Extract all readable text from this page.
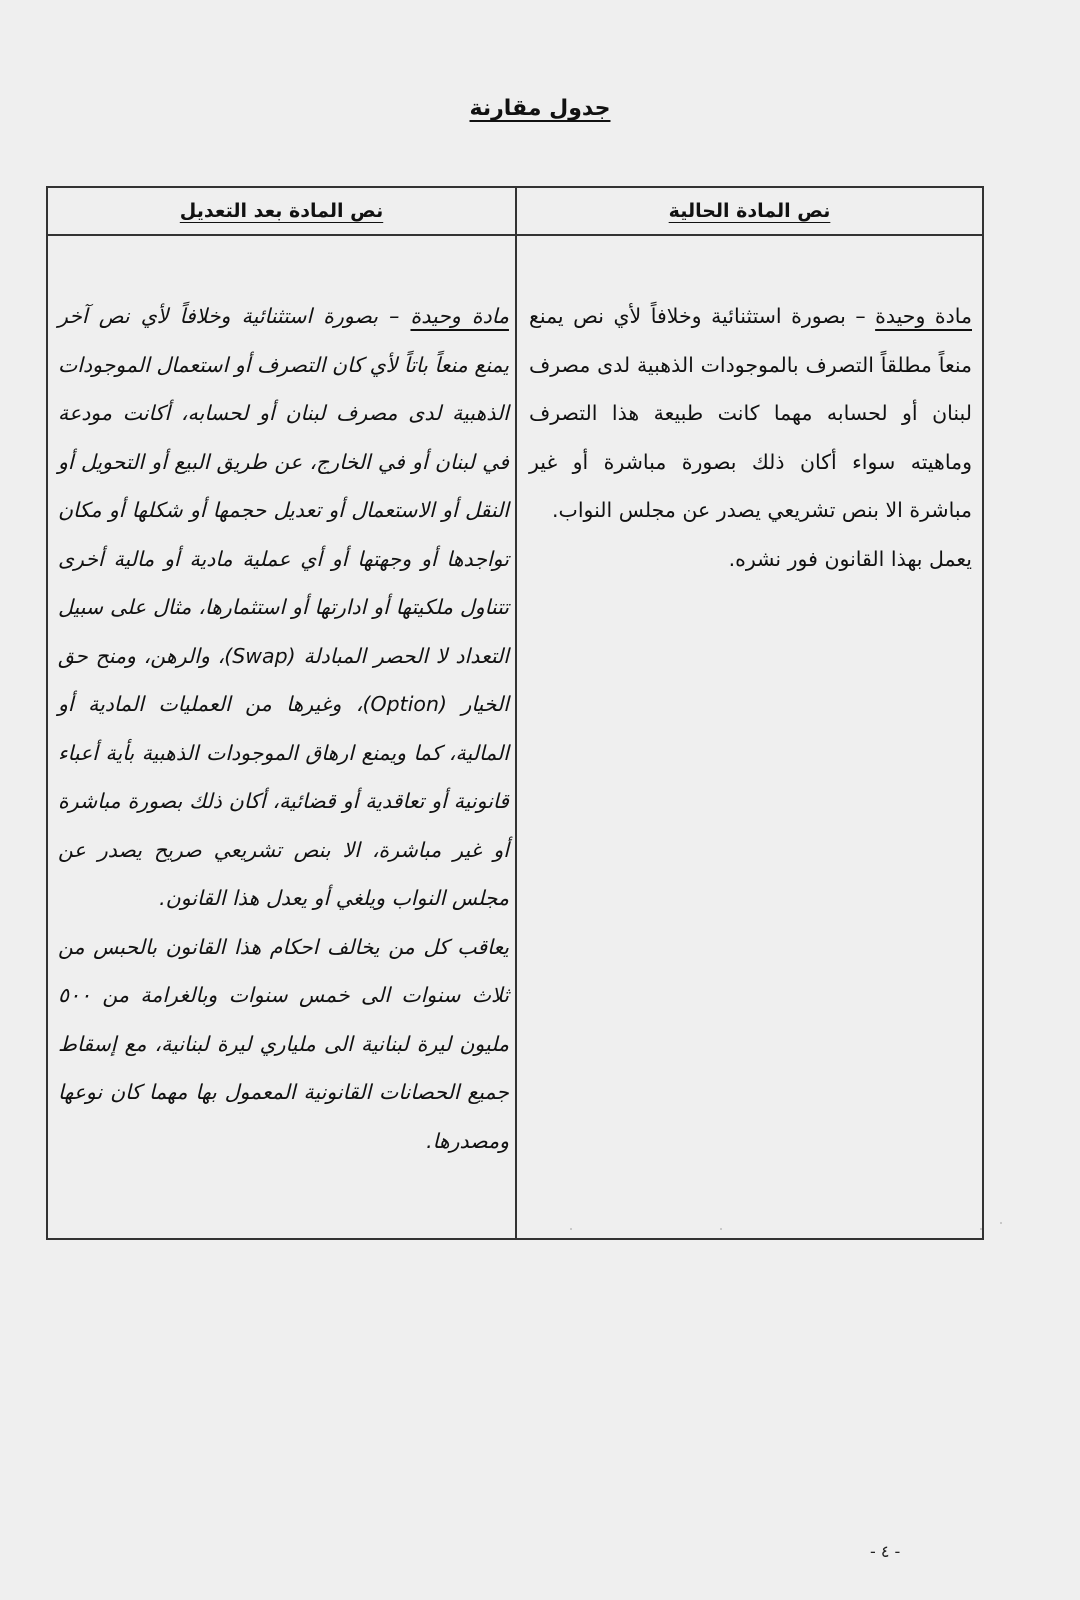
جدول مقارنة
نص المادة بعد التعديل	نص المادة الحالية

مادة وحيدة – بصورة استثنائية وخلافاً لأي نص آخر يمنع منعاً باتاً لأي كان التصرف أو استعمال الموجودات الذهبية لدى مصرف لبنان أو لحسابه، أكانت مودعة في لبنان أو في الخارج، عن طريق البيع أو التحويل أو النقل أو الاستعمال أو تعديل حجمها أو شكلها أو مكان تواجدها أو وجهتها أو أي عملية مادية أو مالية أخرى تتناول ملكيتها أو ادارتها أو استثمارها، مثال على سبيل التعداد لا الحصر المبادلة (Swap)، والرهن، ومنح حق الخيار (Option)، وغيرها من العمليات المادية أو المالية، كما ويمنع ارهاق الموجودات الذهبية بأية أعباء قانونية أو تعاقدية أو قضائية، أكان ذلك بصورة مباشرة أو غير مباشرة، الا بنص تشريعي صريح يصدر عن مجلس النواب ويلغي أو يعدل هذا القانون.

يعاقب كل من يخالف احكام هذا القانون بالحبس من ثلاث سنوات الى خمس سنوات وبالغرامة من ٥٠٠ مليون ليرة لبنانية الى ملياري ليرة لبنانية، مع إسقاط جميع الحصانات القانونية المعمول بها مهما كان نوعها ومصدرها.

مادة وحيدة – بصورة استثنائية وخلافاً لأي نص يمنع منعاً مطلقاً التصرف بالموجودات الذهبية لدى مصرف لبنان أو لحسابه مهما كانت طبيعة هذا التصرف وماهيته سواء أكان ذلك بصورة مباشرة أو غير مباشرة الا بنص تشريعي يصدر عن مجلس النواب.

يعمل بهذا القانون فور نشره.

- ٤ -
